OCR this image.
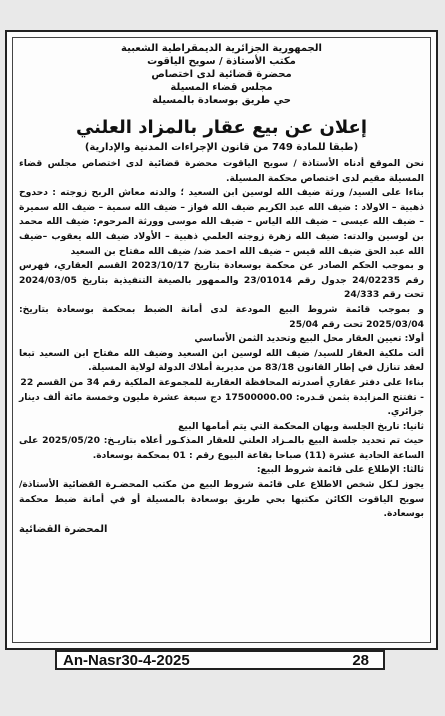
الجمهورية الجزائرية الديمقراطية الشعبية
مكتب الأستاذة / سويح الياقوت
محضرة قضائية لدى اختصاص
مجلس قضاء المسيلة
حي طريق بوسعادة بالمسيلة
إعلان عن بيع عقار بالمزاد العلني
(طبقا للمادة 749 من قانون الإجراءات المدنية والإدارية)

نحن الموقع أدناه الأستاذة / سويح الياقوت محضرة قضائية لدى اختصاص مجلس قضاء المسيلة مقيم لدى اختصاص محكمة المسيلة.

بناءا على السيد/ ورثة ضيف الله لوسين ابن السعيد ؛ والدته معاش الربح زوجته : دحدوح ذهبية – الاولاد : ضيف الله عبد الكريم ضيف الله فواز – ضيف الله سمية – ضيف الله سميرة – ضيف الله عيسى – ضيف الله الياس – ضيف الله موسى وورثة المرحوم: ضيف الله محمد بن لوسين والدته: ضيف الله زهرة زوجته العلمي ذهبية – الأولاد ضيف الله يعقوب –ضيف الله عبد الحق ضيف الله قيس – ضيف الله احمد ضد/ ضيف الله مفتاح بن السعيد

و بموجب الحكم الصادر عن محكمة بوسعادة بتاريخ 2023/10/17 القسم العقاري، فهرس رقم 24/02235 جدول رقم 23/01014 والممهور بالصيغة التنفيذية بتاريخ 2024/03/05 تحت رقم 24/333

و بموجب قائمة شروط البيع المودعة لدى أمانة الضبط بمحكمة بوسعادة بتاريخ: 2025/03/04 تحت رقم 25/04

أولا: تعيين العقار محل البيع وتحديد الثمن الأساسي

ألت ملكية العقار للسيد/ ضيف الله لوسين ابن السعيد وضيف الله مفتاح ابن السعيد تبعا لعقد تنازل في إطار القانون 83/18 من مديرية أملاك الدولة لولاية المسيلة.

بناءا على دفتر عقاري أصدرته المحافظة العقارية للمجموعة الملكية رقم 34 من القسم 22

- تفتتح المزايدة بثمن قـدره: 17500000.00 دج سبعة عشرة مليون وخمسة مائة ألف دينار جزائري.

ثانيا: تاريخ الجلسة وبهان المحكمة التي يتم أمامها البيع

حيث تم تحديد جلسة البيع بالمـزاد العلني للعقار المذكـور أعلاه بتاريـخ: 2025/05/20 على الساعة الحادية عشرة (11) صباحا بقاعة البيوع رقم : 01 بمحكمة بوسعادة.

ثالثا: الإطلاع على قائمة شروط البيع:

يجوز لـكل شخص الاطلاع على قائمة شروط البيع من مكتب المحضـرة القضائية الأستاذة/ سويح الياقوت الكائن مكتبها بحي طريق بوسعادة بالمسيلة أو في أمانة ضبط محكمة بوسعادة.

المحضرة القضائية
An-Nasr30-4-2025	28
